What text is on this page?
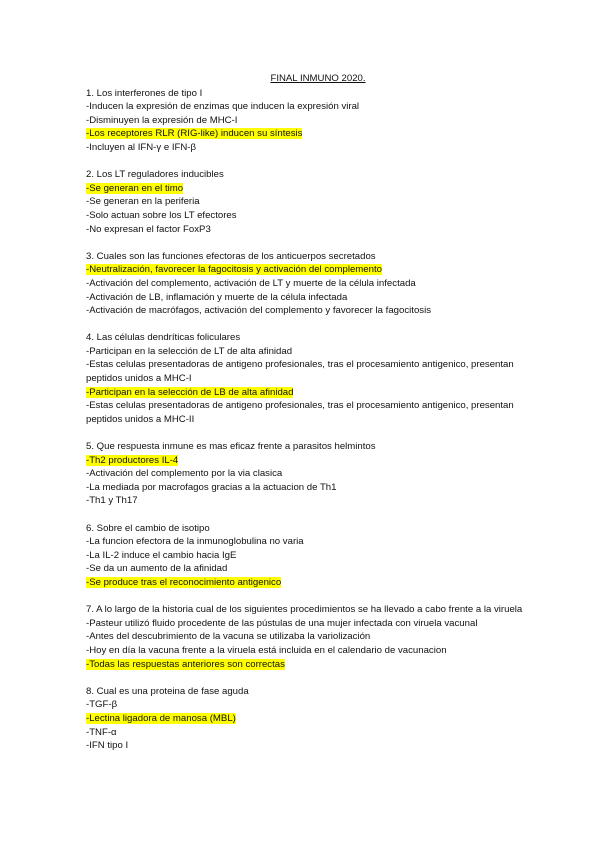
FINAL INMUNO 2020.
1. Los interferones de tipo I
-Inducen la expresión de enzimas que inducen la expresión viral
-Disminuyen la expresión de MHC-I
-Los receptores RLR (RIG-like) inducen su síntesis
-Incluyen al IFN-γ e IFN-β
2. Los LT reguladores inducibles
-Se generan en el timo
-Se generan en la periferia
-Solo actuan sobre los LT efectores
-No expresan el factor FoxP3
3. Cuales son las funciones efectoras de los anticuerpos secretados
-Neutralización, favorecer la fagocitosis y activación del complemento
-Activación del complemento, activación de LT y muerte de la célula infectada
-Activación de LB, inflamación y muerte de la célula infectada
-Activación de macrófagos, activación del complemento y favorecer la fagocitosis
4. Las células dendríticas foliculares
-Participan en la selección de LT de alta afinidad
-Estas celulas presentadoras de antigeno profesionales, tras el procesamiento antigenico, presentan peptidos unidos a MHC-I
-Participan en la selección de LB de alta afinidad
-Estas celulas presentadoras de antigeno profesionales, tras el procesamiento antigenico, presentan peptidos unidos a MHC-II
5. Que respuesta inmune es mas eficaz frente a parasitos helmintos
-Th2 productores IL-4
-Activación del complemento por la via clasica
-La mediada por macrofagos gracias a la actuacion de Th1
-Th1 y Th17
6. Sobre el cambio de isotipo
-La funcion efectora de la inmunoglobulina no varia
-La IL-2 induce el cambio hacia IgE
-Se da un aumento de la afinidad
-Se produce tras el reconocimiento antigenico
7. A lo largo de la historia cual de los siguientes procedimientos se ha llevado a cabo frente a la viruela
-Pasteur utilizó fluido procedente de las pústulas de una mujer infectada con viruela vacunal
-Antes del descubrimiento de la vacuna se utilizaba la variolización
-Hoy en día la vacuna frente a la viruela está incluida en el calendario de vacunacion
-Todas las respuestas anteriores son correctas
8. Cual es una proteina de fase aguda
-TGF-β
-Lectina ligadora de manosa (MBL)
-TNF-α
-IFN tipo I
